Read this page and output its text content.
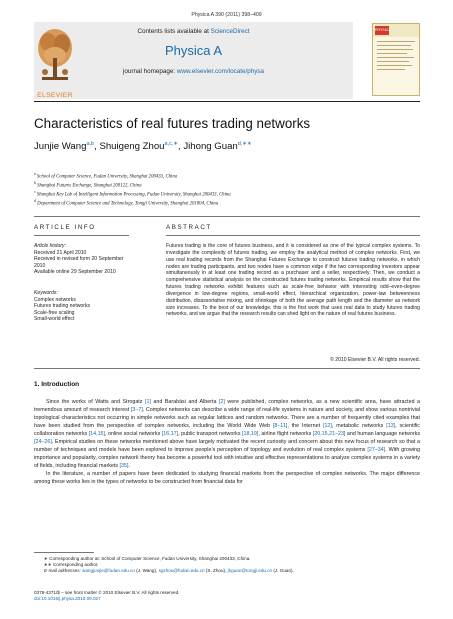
Physica A 390 (2011) 398–409
Contents lists available at ScienceDirect
Physica A
journal homepage: www.elsevier.com/locate/physa
ELSEVIER
PHYSICA
Characteristics of real futures trading networks
Junjie Wang$^{a,b}$, Shuigeng Zhou$^{a,c,∗}$, Jihong Guan$^{d,∗∗}$
$^a$ School of Computer Science, Fudan University, Shanghai 200433, China
$^b$ Shanghai Futures Exchange, Shanghai 200122, China
$^c$ Shanghai Key Lab of Intelligent Information Processing, Fudan University, Shanghai 200433, China
$^d$ Department of Computer Science and Technology, Tongji University, Shanghai 201804, China
ARTICLE INFO	ABSTRACT
Article history:
Received 21 April 2010
Received in revised form 20 September 2010
Available online 29 September 2010
Keywords:
Complex networks
Futures trading networks
Scale-free scaling
Small-world effect
Futures trading is the core of futures business, and it is considered as one of the typical complex systems. To investigate the complexity of futures trading, we employ the analytical method of complex networks. First, we use real trading records from the Shanghai Futures Exchange to construct futures trading networks, in which nodes are trading participants, and two nodes have a common edge if the two corresponding investors appear simultaneously in at least one trading record as a purchaser and a seller, respectively. Then, we conduct a comprehensive statistical analysis on the constructed futures trading networks. Empirical results show that the futures trading networks exhibit features such as scale-free behavior with interesting odd–even-degree divergence in low-degree regions, small-world effect, hierarchical organization, power-law betweenness distribution, disassortative mixing, and shrinkage of both the average path length and the diameter as network size increases. To the best of our knowledge, this is the first work that uses real data to study futures trading networks, and we argue that the research results can shed light on the nature of real futures business.
© 2010 Elsevier B.V. All rights reserved.
1. Introduction

Since the works of Watts and Strogatz [1] and Barabási and Alberta [2] were published, complex networks, as a new scientific area, have attracted a tremendous amount of research interest [3–7]. Complex networks can describe a wide range of real-life systems in nature and society, and show various nontrivial topological characteristics not occurring in simple networks such as regular lattices and random networks. There are a number of frequently cited examples that have been studied from the perspective of complex networks, including the World Wide Web [8–11], the Internet [12], metabolic networks [13], scientific collaboration networks [14,15], online social networks [16,17], public transport networks [18,19], airline flight networks [20,15,21–23] and human language networks [24–26]. Empirical studies on these networks mentioned above have largely motivated the recent curiosity and concern about this new focus of research so that a number of techniques and models have been explored to improve people’s perception of topology and evolution of real complex systems [27–34]. With growing importance and popularity, complex network theory has become a powerful tool with intuitive and effective representations to analyze complex systems in a variety of fields, including financial markets [35].

In the literature, a number of papers have been dedicated to studying financial markets from the perspective of complex networks. The major difference among these works lies in the types of networks to be constructed from financial data for

∗ Corresponding author at: School of Computer Science, Fudan University, Shanghai 200433, China.
∗∗ Corresponding author.
E-mail addresses: wangjunjie@fudan.edu.cn (J. Wang), sgzhou@fudan.edu.cn (S. Zhou), jhguan@tongji.edu.cn (J. Guan).
0378-4371/$ – see front matter © 2010 Elsevier B.V. All rights reserved.
doi:10.1016/j.physa.2010.09.027
